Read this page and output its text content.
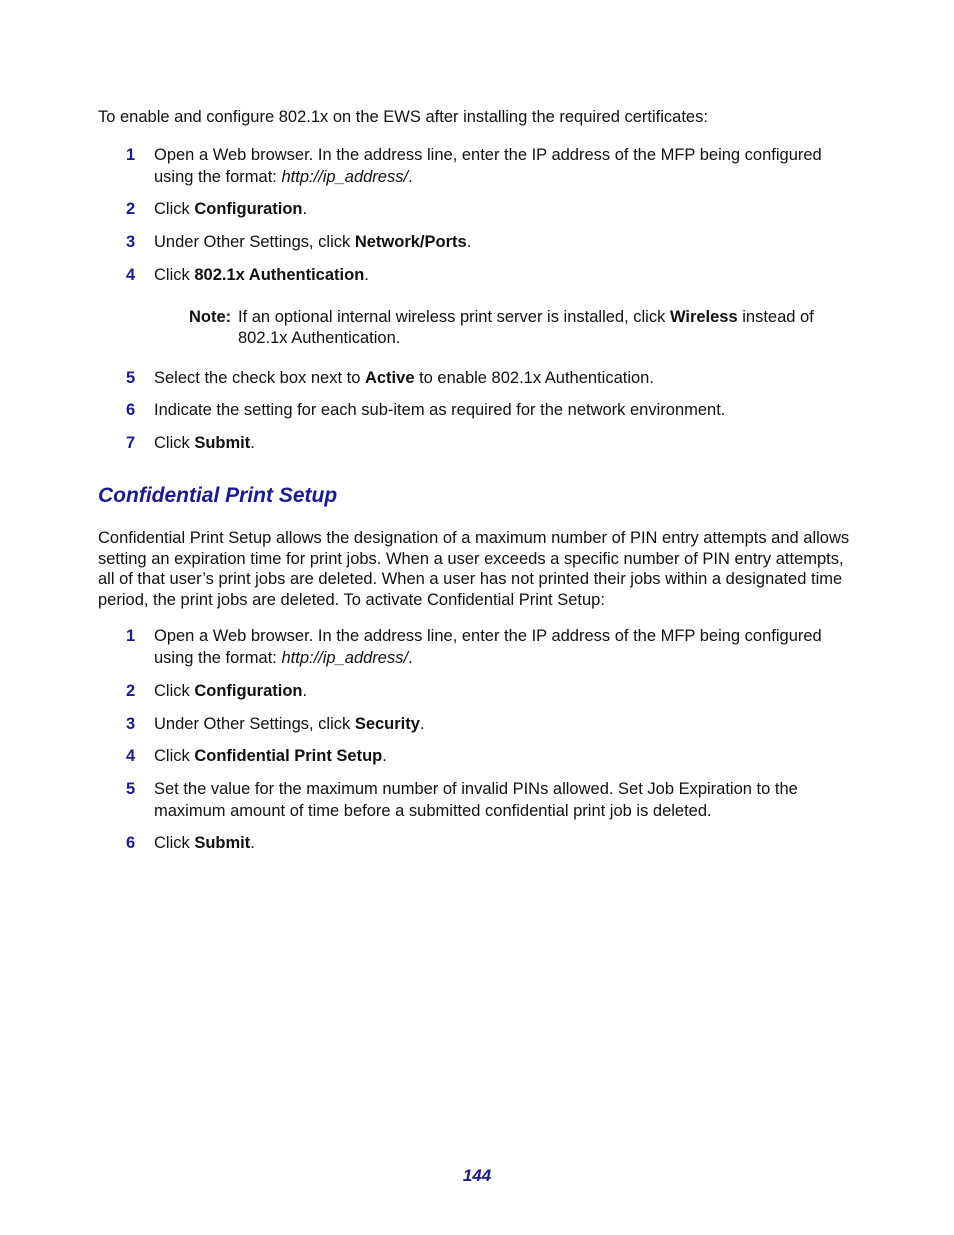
To enable and configure 802.1x on the EWS after installing the required certificates:

1	Open a Web browser. In the address line, enter the IP address of the MFP being configured using the format: http://ip_address/.
2	Click Configuration.
3	Under Other Settings, click Network/Ports.
4	Click 802.1x Authentication.
Note: If an optional internal wireless print server is installed, click Wireless instead of 802.1x Authentication.
5	Select the check box next to Active to enable 802.1x Authentication.
6	Indicate the setting for each sub-item as required for the network environment.
7	Click Submit.
Confidential Print Setup

Confidential Print Setup allows the designation of a maximum number of PIN entry attempts and allows setting an expiration time for print jobs. When a user exceeds a specific number of PIN entry attempts, all of that user’s print jobs are deleted. When a user has not printed their jobs within a designated time period, the print jobs are deleted. To activate Confidential Print Setup:

1	Open a Web browser. In the address line, enter the IP address of the MFP being configured using the format: http://ip_address/.
2	Click Configuration.
3	Under Other Settings, click Security.
4	Click Confidential Print Setup.
5	Set the value for the maximum number of invalid PINs allowed. Set Job Expiration to the maximum amount of time before a submitted confidential print job is deleted.
6	Click Submit.
144
